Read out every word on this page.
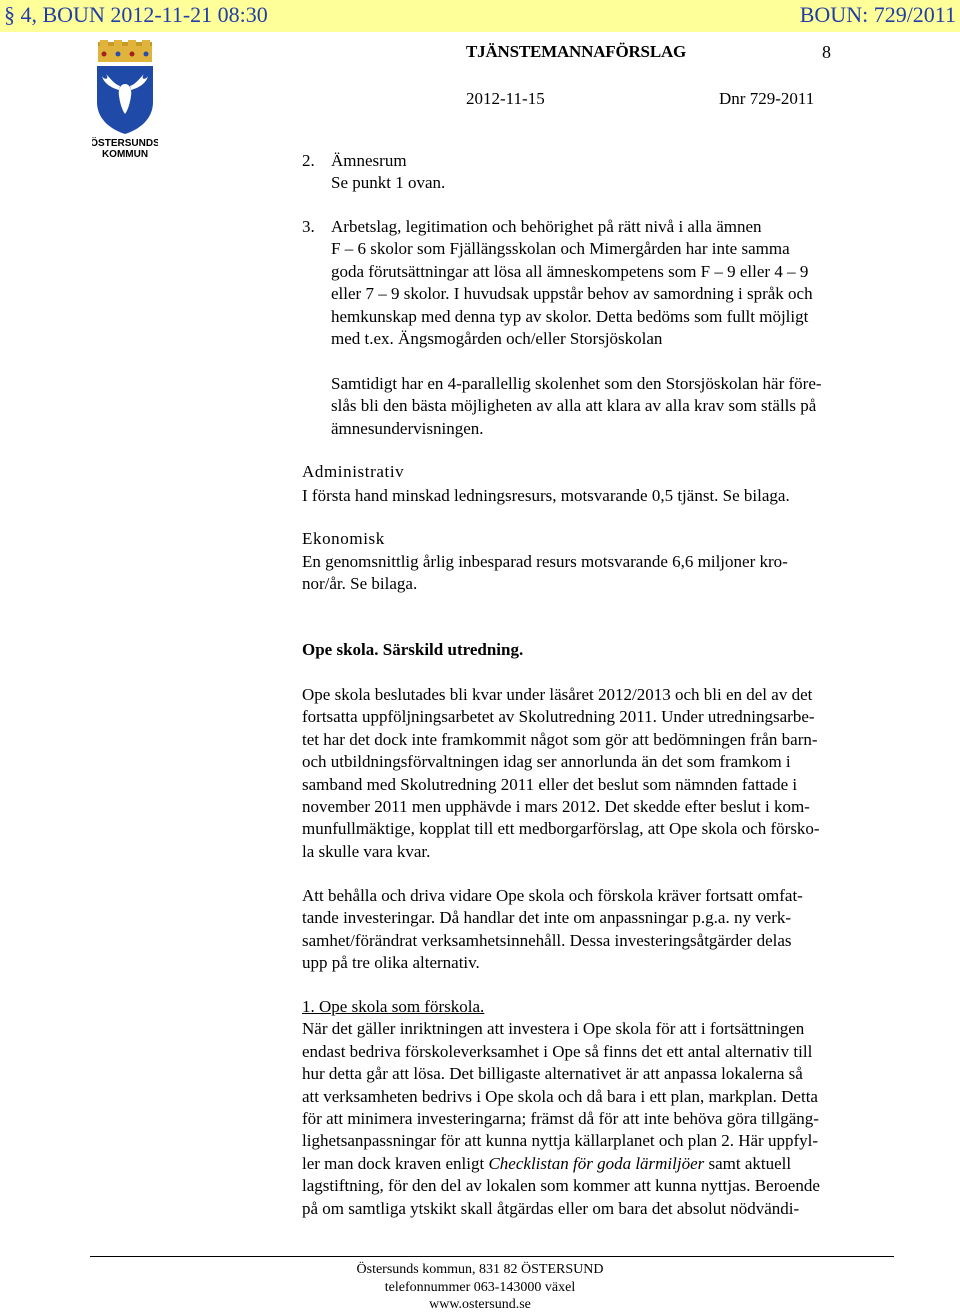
§ 4, BOUN 2012-11-21 08:30	BOUN: 729/2011
ÖSTERSUNDS
KOMMUN
TJÄNSTEMANNAFÖRSLAG	8
2012-11-15	Dnr 729-2011
2. Ämnesrum
Se punkt 1 ovan.
3. Arbetslag, legitimation och behörighet på rätt nivå i alla ämnen
F – 6 skolor som Fjällängsskolan och Mimergården har inte samma
goda förutsättningar att lösa all ämneskompetens som F – 9 eller 4 – 9
eller 7 – 9 skolor. I huvudsak uppstår behov av samordning i språk och
hemkunskap med denna typ av skolor. Detta bedöms som fullt möjligt
med t.ex. Ängsmogården och/eller Storsjöskolan
Samtidigt har en 4-parallellig skolenhet som den Storsjöskolan här före-
slås bli den bästa möjligheten av alla att klara av alla krav som ställs på
ämnesundervisningen.
Administrativ
I första hand minskad ledningsresurs, motsvarande 0,5 tjänst. Se bilaga.
Ekonomisk
En genomsnittlig årlig inbesparad resurs motsvarande 6,6 miljoner kro-
nor/år. Se bilaga.
Ope skola. Särskild utredning.
Ope skola beslutades bli kvar under läsåret 2012/2013 och bli en del av det
fortsatta uppföljningsarbetet av Skolutredning 2011. Under utredningsarbe-
tet har det dock inte framkommit något som gör att bedömningen från barn-
och utbildningsförvaltningen idag ser annorlunda än det som framkom i
samband med Skolutredning 2011 eller det beslut som nämnden fattade i
november 2011 men upphävde i mars 2012. Det skedde efter beslut i kom-
munfullmäktige, kopplat till ett medborgarförslag, att Ope skola och försko-
la skulle vara kvar.
Att behålla och driva vidare Ope skola och förskola kräver fortsatt omfat-
tande investeringar. Då handlar det inte om anpassningar p.g.a. ny verk-
samhet/förändrat verksamhetsinnehåll. Dessa investeringsåtgärder delas
upp på tre olika alternativ.
1. Ope skola som förskola.
När det gäller inriktningen att investera i Ope skola för att i fortsättningen
endast bedriva förskoleverksamhet i Ope så finns det ett antal alternativ till
hur detta går att lösa. Det billigaste alternativet är att anpassa lokalerna så
att verksamheten bedrivs i Ope skola och då bara i ett plan, markplan. Detta
för att minimera investeringarna; främst då för att inte behöva göra tillgäng-
lighetsanpassningar för att kunna nyttja källarplanet och plan 2. Här uppfyl-
ler man dock kraven enligt Checklistan för goda lärmiljöer samt aktuell
lagstiftning, för den del av lokalen som kommer att kunna nyttjas. Beroende
på om samtliga ytskikt skall åtgärdas eller om bara det absolut nödvändi-
Östersunds kommun, 831 82 ÖSTERSUND
telefonnummer 063-143000 växel
www.ostersund.se
